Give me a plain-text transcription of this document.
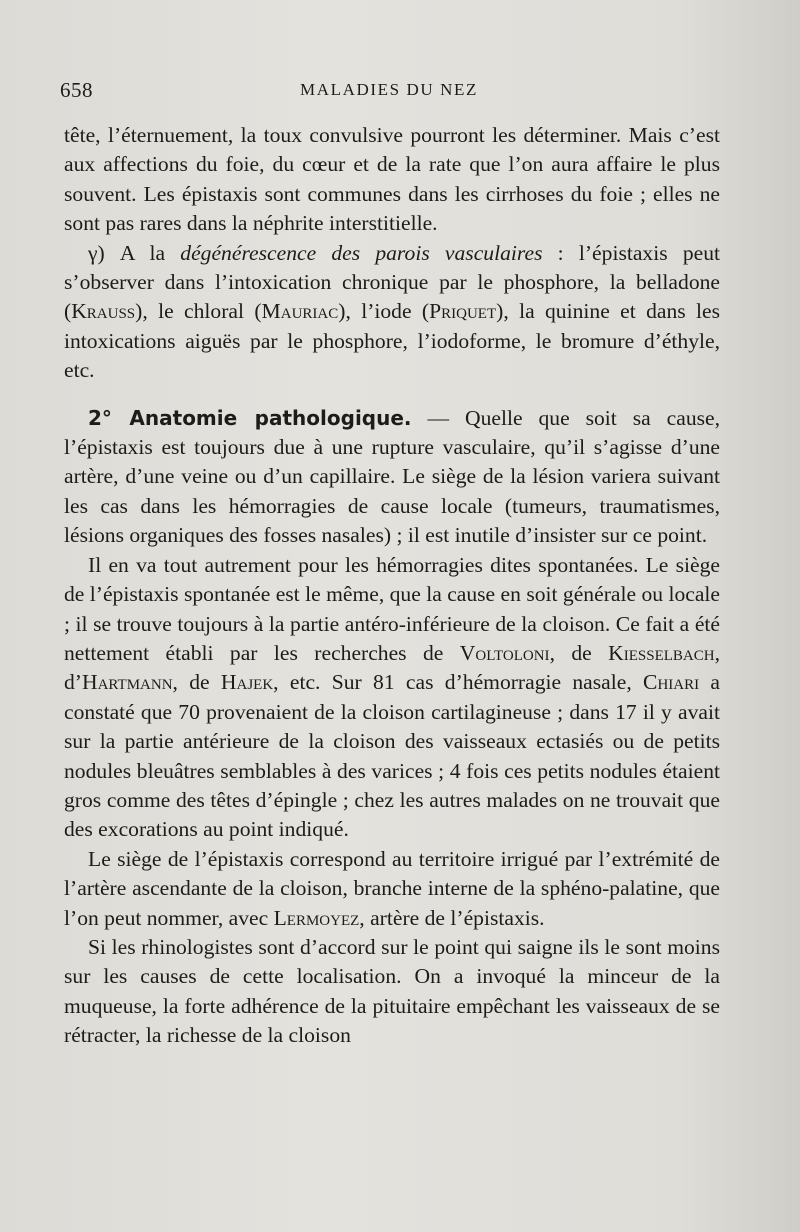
658	MALADIES DU NEZ

tête, l’éternuement, la toux convulsive pourront les déterminer. Mais c’est aux affections du foie, du cœur et de la rate que l’on aura affaire le plus souvent. Les épistaxis sont communes dans les cirrhoses du foie ; elles ne sont pas rares dans la néphrite interstitielle.

γ) A la dégénérescence des parois vasculaires : l’épistaxis peut s’observer dans l’intoxication chronique par le phosphore, la belladone (Krauss), le chloral (Mauriac), l’iode (Priquet), la quinine et dans les intoxications aiguës par le phosphore, l’iodoforme, le bromure d’éthyle, etc.

2° Anatomie pathologique. — Quelle que soit sa cause, l’épistaxis est toujours due à une rupture vasculaire, qu’il s’agisse d’une artère, d’une veine ou d’un capillaire. Le siège de la lésion variera suivant les cas dans les hémorragies de cause locale (tumeurs, traumatismes, lésions organiques des fosses nasales) ; il est inutile d’insister sur ce point.

Il en va tout autrement pour les hémorragies dites spontanées. Le siège de l’épistaxis spontanée est le même, que la cause en soit générale ou locale ; il se trouve toujours à la partie antéro-inférieure de la cloison. Ce fait a été nettement établi par les recherches de Voltoloni, de Kiesselbach, d’Hartmann, de Hajek, etc. Sur 81 cas d’hémorragie nasale, Chiari a constaté que 70 provenaient de la cloison cartilagineuse ; dans 17 il y avait sur la partie antérieure de la cloison des vaisseaux ectasiés ou de petits nodules bleuâtres semblables à des varices ; 4 fois ces petits nodules étaient gros comme des têtes d’épingle ; chez les autres malades on ne trouvait que des excorations au point indiqué.

Le siège de l’épistaxis correspond au territoire irrigué par l’extrémité de l’artère ascendante de la cloison, branche interne de la sphéno-palatine, que l’on peut nommer, avec Lermoyez, artère de l’épistaxis.

Si les rhinologistes sont d’accord sur le point qui saigne ils le sont moins sur les causes de cette localisation. On a invoqué la minceur de la muqueuse, la forte adhérence de la pituitaire empêchant les vaisseaux de se rétracter, la richesse de la cloison
